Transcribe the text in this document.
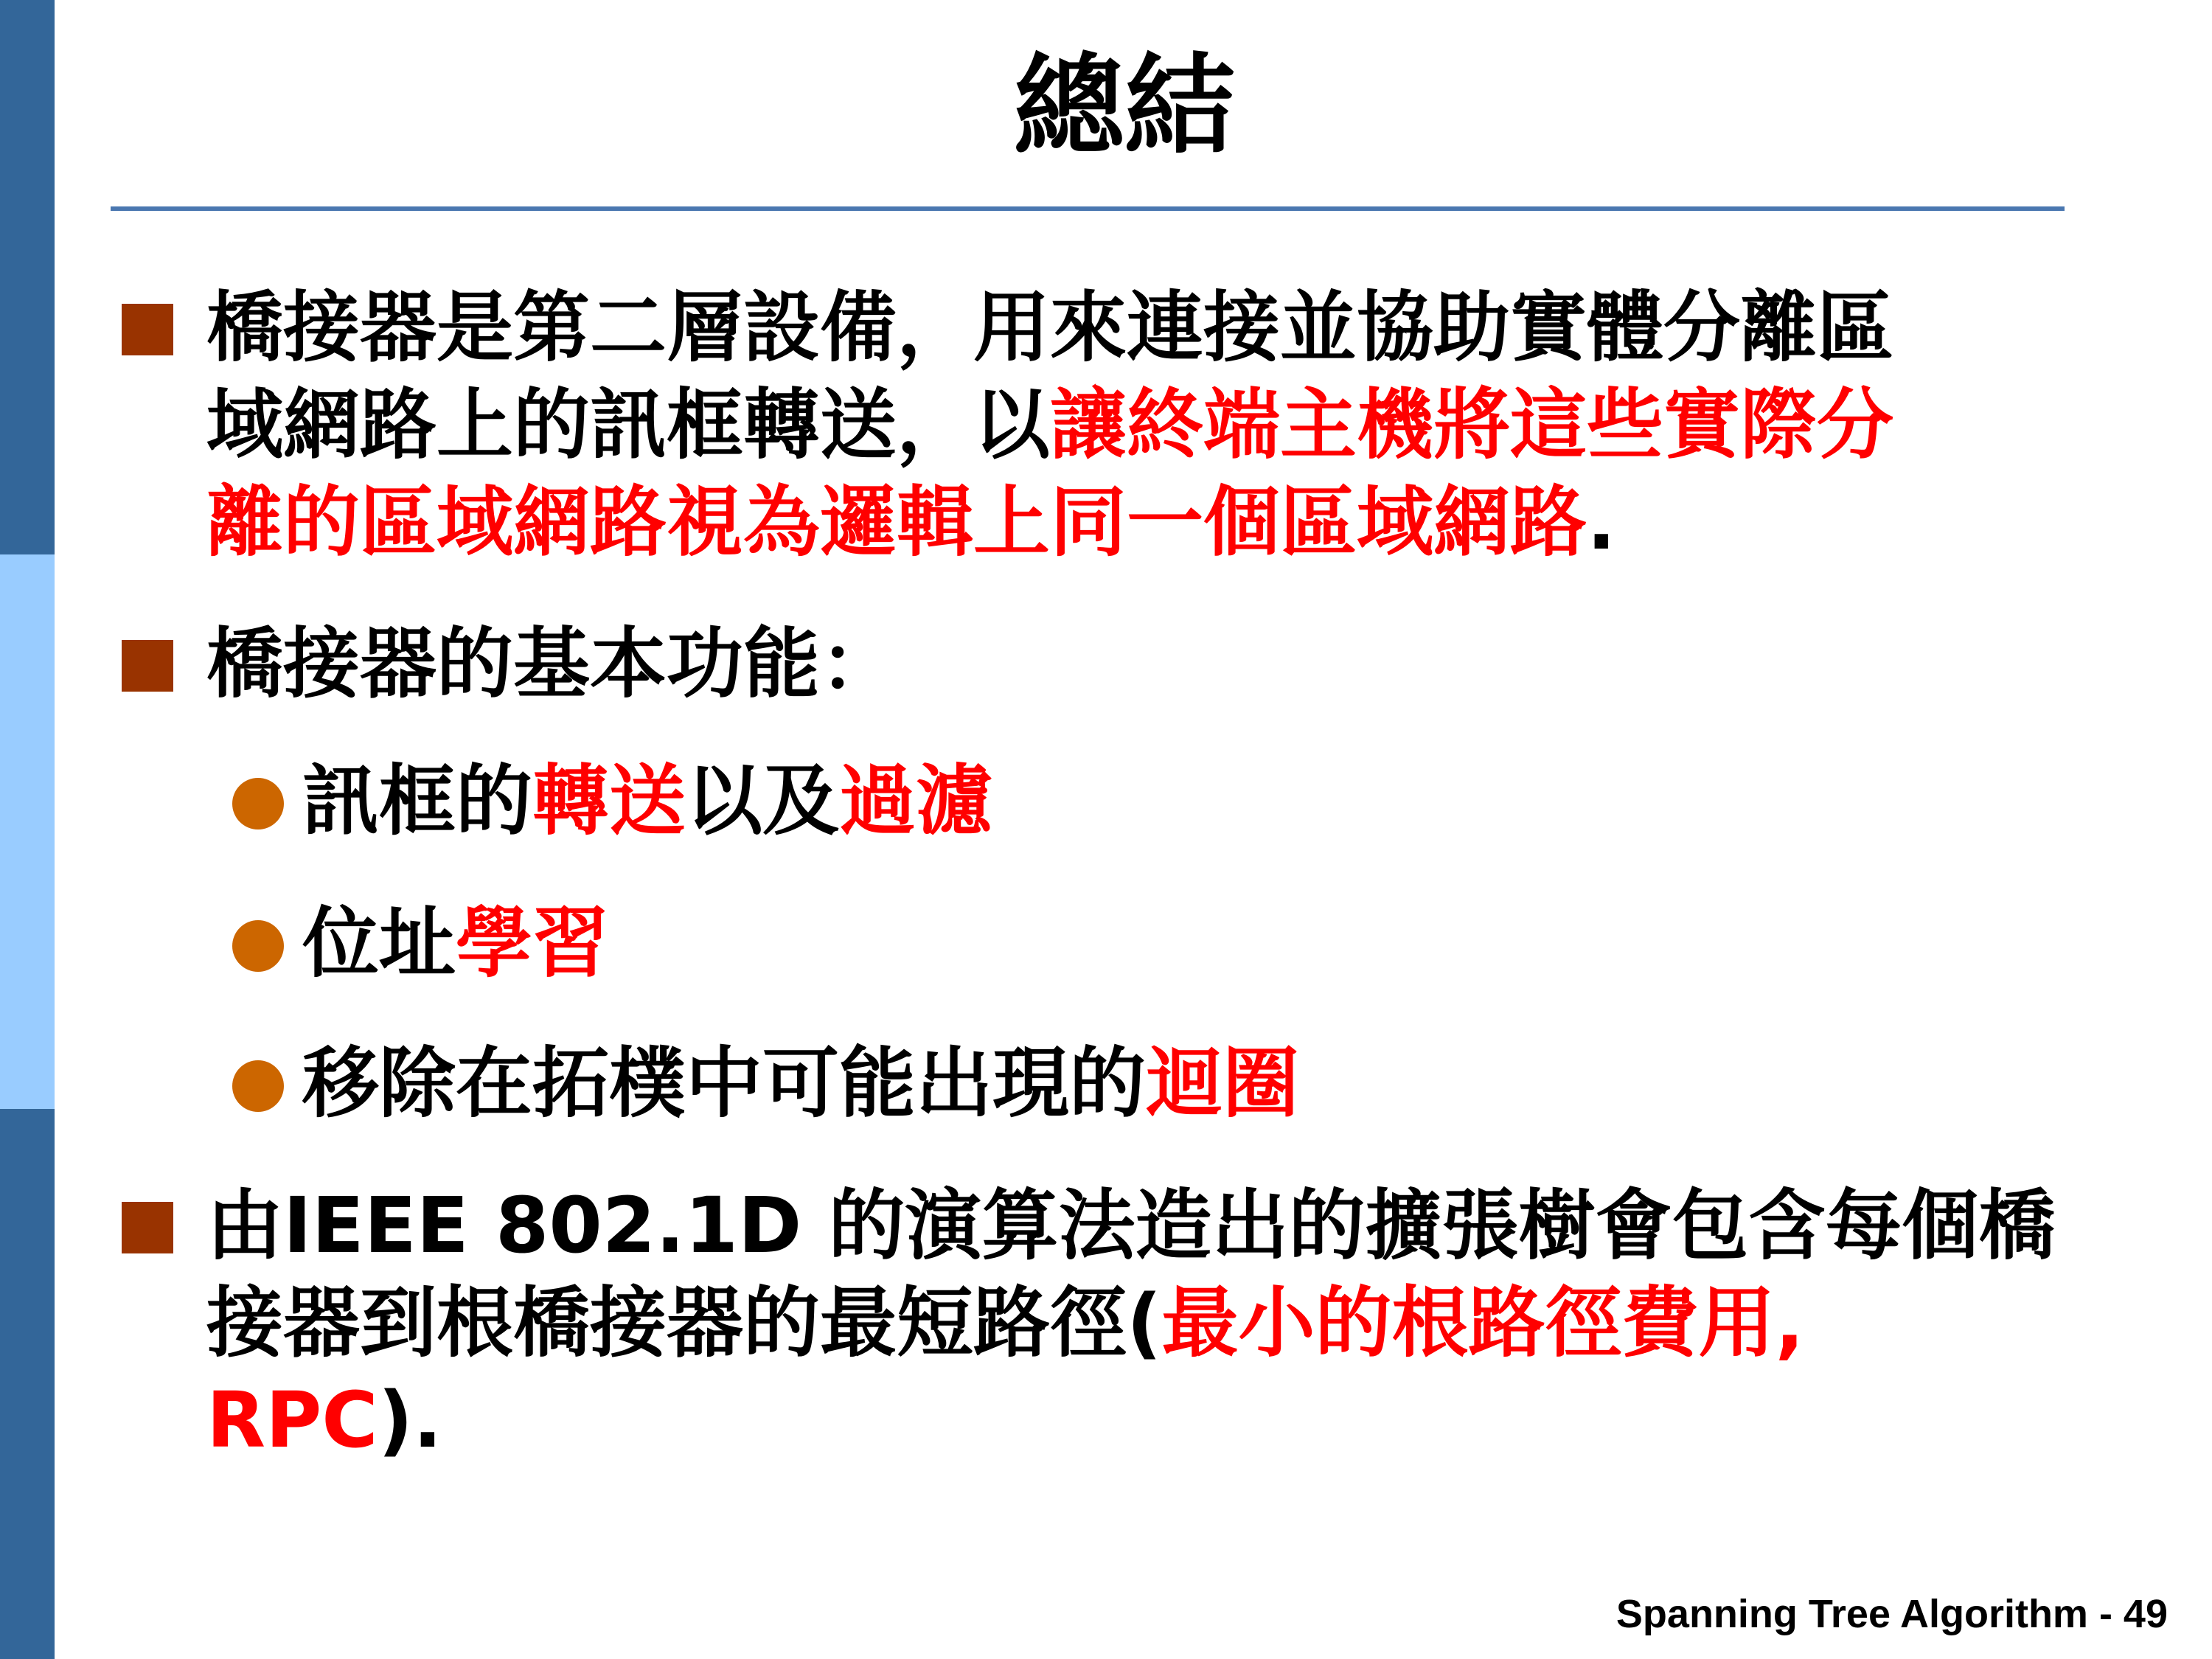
總結
橋接器是第二層設備，用來連接並協助實體分離區
域網路上的訊框轉送，以讓終端主機將這些實際分
離的區域網路視為邏輯上同一個區域網路.
橋接器的基本功能：
訊框的轉送以及過濾
位址學習
移除在拓樸中可能出現的迴圈
由IEEE 802.1D 的演算法造出的擴張樹會包含每個橋
接器到根橋接器的最短路徑(最小的根路徑費用,
RPC).
Spanning Tree Algorithm - 49
